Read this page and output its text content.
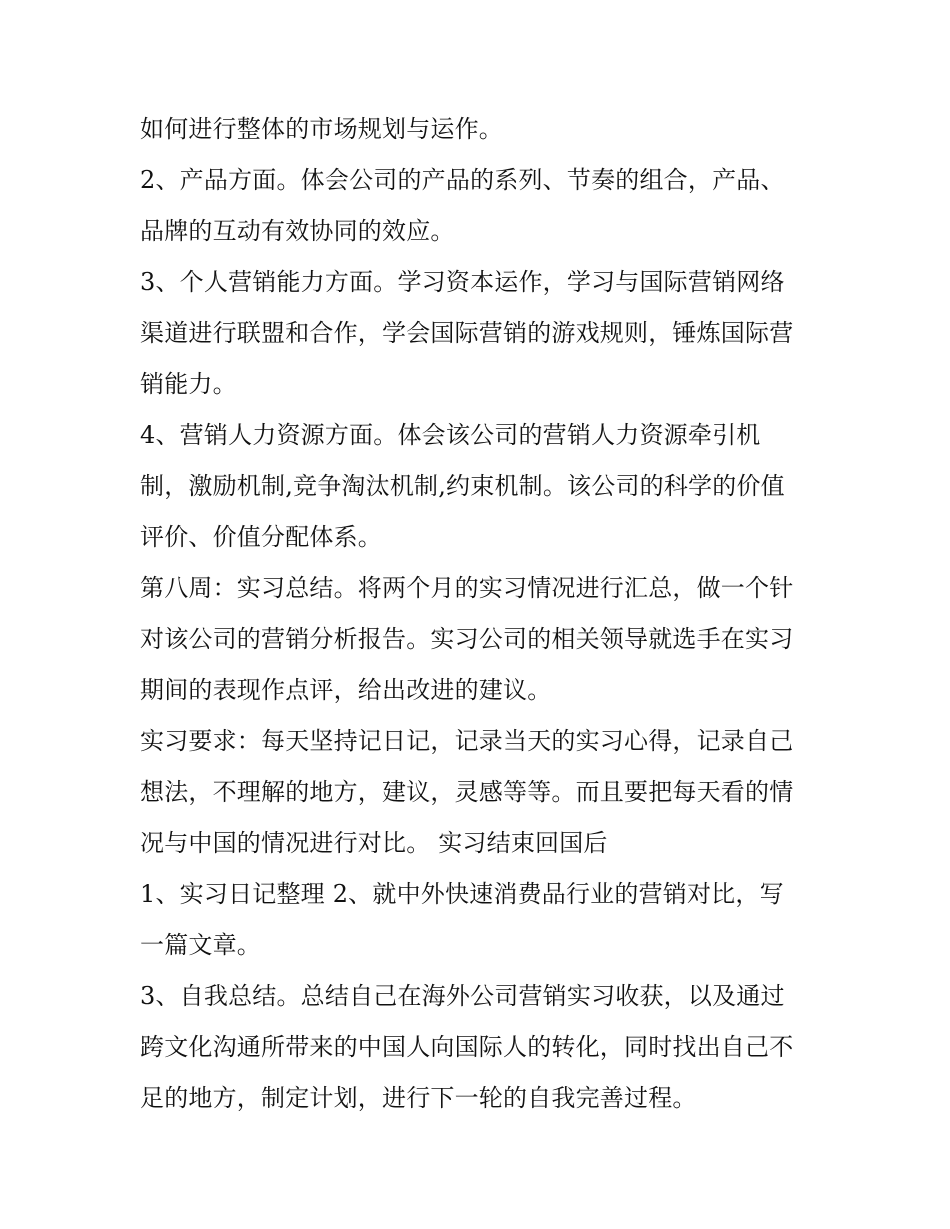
如何进行整体的市场规划与运作。
2、产品方面。体会公司的产品的系列、节奏的组合，产品、
品牌的互动有效协同的效应。
3、个人营销能力方面。学习资本运作，学习与国际营销网络
渠道进行联盟和合作，学会国际营销的游戏规则，锤炼国际营
销能力。
4、营销人力资源方面。体会该公司的营销人力资源牵引机
制，激励机制,竞争淘汰机制,约束机制。该公司的科学的价值
评价、价值分配体系。
第八周：实习总结。将两个月的实习情况进行汇总，做一个针
对该公司的营销分析报告。实习公司的相关领导就选手在实习
期间的表现作点评，给出改进的建议。
实习要求：每天坚持记日记，记录当天的实习心得，记录自己
想法，不理解的地方，建议，灵感等等。而且要把每天看的情
况与中国的情况进行对比。 实习结束回国后
1、实习日记整理 2、就中外快速消费品行业的营销对比，写
一篇文章。
3、自我总结。总结自己在海外公司营销实习收获，以及通过
跨文化沟通所带来的中国人向国际人的转化，同时找出自己不
足的地方，制定计划，进行下一轮的自我完善过程。
